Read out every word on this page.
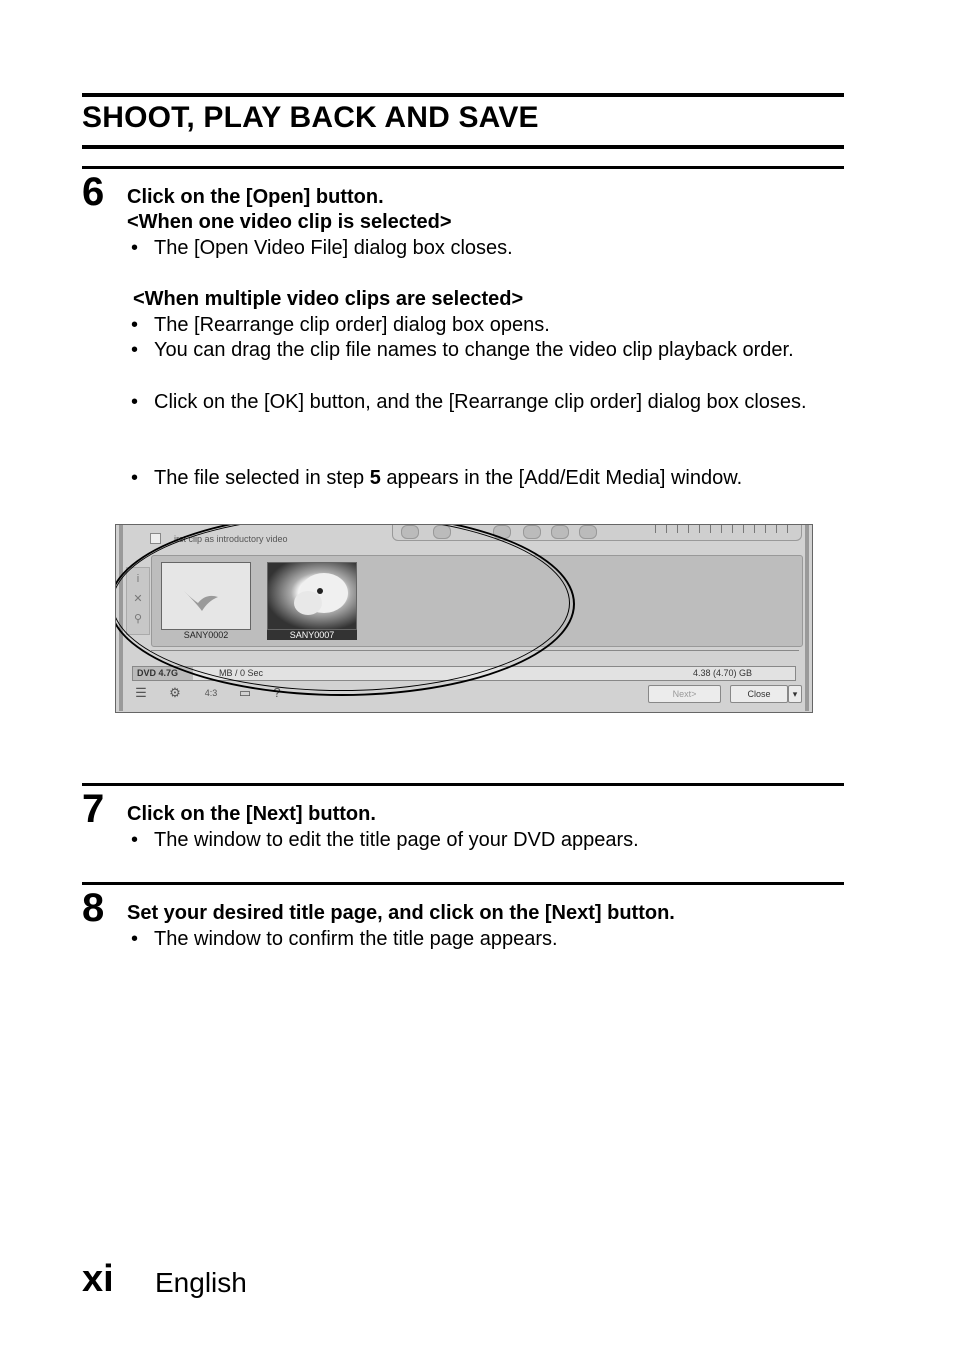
SHOOT, PLAY BACK AND SAVE
6 Click on the [Open] button.
<When one video clip is selected>
• The [Open Video File] dialog box closes.
<When multiple video clips are selected>
• The [Rearrange clip order] dialog box opens.
• You can drag the clip file names to change the video clip playback order.
• Click on the [OK] button, and the [Rearrange clip order] dialog box closes.
• The file selected in step 5 appears in the [Add/Edit Media] window.
irst clip as introductory video
i
✕
⚲
SANY0002	SANY0007
DVD 4.7G	MB / 0 Sec	4.38 (4.70) GB
☰	⚙	4:3	▭	?	Next>	Close	▾
7 Click on the [Next] button.
• The window to edit the title page of your DVD appears.
8 Set your desired title page, and click on the [Next] button.
• The window to confirm the title page appears.
xi English
